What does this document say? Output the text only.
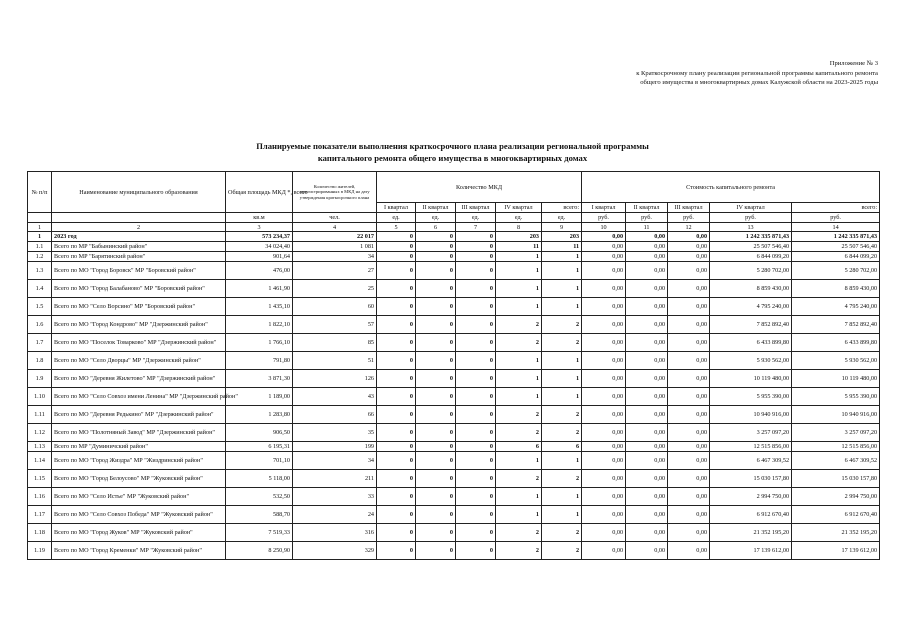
Приложение № 3
к Краткосрочному плану реализации региональной программы капитального ремонта
общего имущества в многоквартирных домах Калужской области на 2023-2025 годы
Планируемые показатели выполнения краткосрочного плана реализации региональной программы
капитального ремонта общего имущества в многоквартирных домах
№ п/п	Наименование муниципального образования	Общая площадь МКД *, всего	Количество жителей, зарегистрированных в МКД на дату утверждения краткосрочного плана	Количество МКД					Стоимость капитального ремонта				
				I квартал	II квартал	III квартал	IV квартал	всего:	I квартал	II квартал	III квартал	IV квартал	всего:
		кв.м	чел.	ед.	ед.	ед.	ед.	ед.	руб.	руб.	руб.	руб.	руб.
1	2	3	4	5	6	7	8	9	10	11	12	13	14
1	2023 год	573 234,37	22 017	0	0	0	203	203	0,00	0,00	0,00	1 242 335 871,43	1 242 335 871,43
1.1	Всего по МР "Бабынинский район"	34 024,40	1 081	0	0	0	11	11	0,00	0,00	0,00	25 507 546,40	25 507 546,40
1.2	Всего по МР "Барятинский район"	901,64	34	0	0	0	1	1	0,00	0,00	0,00	6 844 099,20	6 844 099,20
1.3	Всего по МО "Город Боровск" МР "Боровский район"	476,00	27	0	0	0	1	1	0,00	0,00	0,00	5 280 702,00	5 280 702,00
1.4	Всего по МО "Город Балабаново" МР "Боровский район"	1 461,90	25	0	0	0	1	1	0,00	0,00	0,00	8 859 430,00	8 859 430,00
1.5	Всего по МО "Село Ворсино" МР "Боровский район"	1 435,10	60	0	0	0	1	1	0,00	0,00	0,00	4 795 240,00	4 795 240,00
1.6	Всего по МО "Город Кондрово" МР "Дзержинский район"	1 822,10	57	0	0	0	2	2	0,00	0,00	0,00	7 852 892,40	7 852 892,40
1.7	Всего по МО "Поселок Товарково" МР "Дзержинский район"	1 766,10	85	0	0	0	2	2	0,00	0,00	0,00	6 433 899,80	6 433 899,80
1.8	Всего по МО "Село Дворцы" МР "Дзержинский район"	791,80	51	0	0	0	1	1	0,00	0,00	0,00	5 930 562,00	5 930 562,00
1.9	Всего по МО "Деревня Жилетово" МР "Дзержинский район"	3 871,30	126	0	0	0	1	1	0,00	0,00	0,00	10 119 480,00	10 119 480,00
1.10	Всего по МО "Село Совхоз имени Ленина" МР "Дзержинский район"	1 189,00	43	0	0	0	1	1	0,00	0,00	0,00	5 955 390,00	5 955 390,00
1.11	Всего по МО "Деревня Редькино" МР "Дзержинский район"	1 283,80	66	0	0	0	2	2	0,00	0,00	0,00	10 940 916,00	10 940 916,00
1.12	Всего по МО "Полотняный Завод" МР "Дзержинский район"	906,50	35	0	0	0	2	2	0,00	0,00	0,00	3 257 097,20	3 257 097,20
1.13	Всего по МР "Думиничский район"	6 195,31	199	0	0	0	6	6	0,00	0,00	0,00	12 515 856,00	12 515 856,00
1.14	Всего по МО "Город Жиздра" МР "Жиздринский район"	701,10	34	0	0	0	1	1	0,00	0,00	0,00	6 467 309,52	6 467 309,52
1.15	Всего по МО "Город Белоусово" МР "Жуковский район"	5 118,00	211	0	0	0	2	2	0,00	0,00	0,00	15 030 157,80	15 030 157,80
1.16	Всего по МО "Село Истье" МР "Жуковский район"	532,50	33	0	0	0	1	1	0,00	0,00	0,00	2 994 750,00	2 994 750,00
1.17	Всего по МО "Село Совхоз Победа" МР "Жуковский район"	588,70	24	0	0	0	1	1	0,00	0,00	0,00	6 912 670,40	6 912 670,40
1.18	Всего по МО "Город Жуков" МР "Жуковский район"	7 519,33	316	0	0	0	2	2	0,00	0,00	0,00	21 352 195,20	21 352 195,20
1.19	Всего по МО "Город Кременки" МР "Жуковский район"	8 250,90	329	0	0	0	2	2	0,00	0,00	0,00	17 139 612,00	17 139 612,00
